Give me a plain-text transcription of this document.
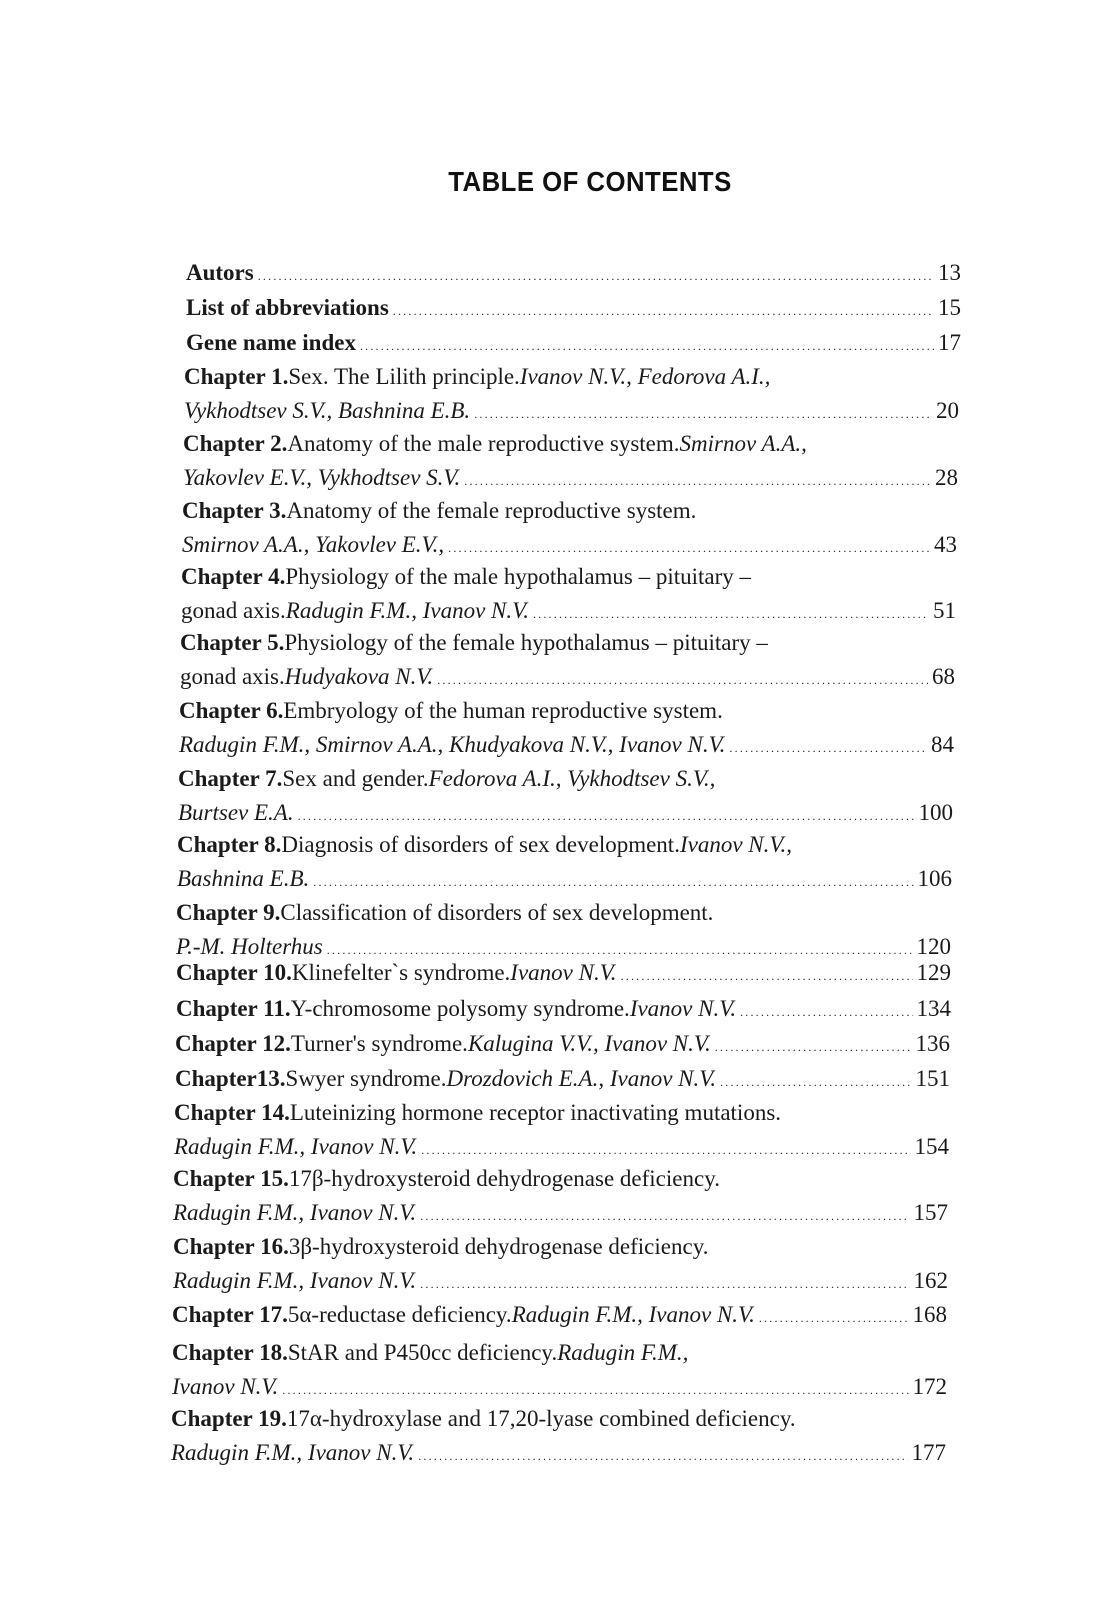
TABLE OF CONTENTS
Autors . . .	13
List of abbreviations . . .	15
Gene name index . . .	17
Chapter 1. Sex. The Lilith principle. Ivanov N.V., Fedorova A.I.,
Vykhodtsev S.V., Bashnina E.B. . . .	20
Chapter 2. Anatomy of the male reproductive system. Smirnov A.A.,
Yakovlev E.V., Vykhodtsev S.V. . . .	28
Chapter 3. Anatomy of the female reproductive system.
Smirnov A.A., Yakovlev E.V., . . .	43
Chapter 4. Physiology of the male hypothalamus – pituitary –
gonad axis. Radugin F.M., Ivanov N.V. . . .	51
Chapter 5. Physiology of the female hypothalamus – pituitary –
gonad axis. Hudyakova N.V. . . .	68
Chapter 6. Embryology of the human reproductive system.
Radugin F.M., Smirnov A.A., Khudyakova N.V., Ivanov N.V. . . .	84
Chapter 7. Sex and gender. Fedorova A.I., Vykhodtsev S.V.,
Burtsev E.A. . . .	100
Chapter 8. Diagnosis of disorders of sex development. Ivanov N.V.,
Bashnina E.B. . . .	106
Chapter 9. Classification of disorders of sex development.
P.-M. Holterhus . . .	120
Chapter 10. Klinefelter`s syndrome. Ivanov N.V. . . .	129
Chapter 11. Y-chromosome polysomy syndrome. Ivanov N.V. . . .	134
Chapter 12. Turner's syndrome. Kalugina V.V., Ivanov N.V. . . .	136
Chapter13. Swyer syndrome. Drozdovich E.A., Ivanov N.V. . . .	151
Chapter 14. Luteinizing hormone receptor inactivating mutations.
Radugin F.M., Ivanov N.V. . . .	154
Chapter 15. 17β-hydroxysteroid dehydrogenase deficiency.
Radugin F.M., Ivanov N.V. . . .	157
Chapter 16. 3β-hydroxysteroid dehydrogenase deficiency.
Radugin F.M., Ivanov N.V. . . .	162
Chapter 17. 5α-reductase deficiency. Radugin F.M., Ivanov N.V. . . .	168
Chapter 18. StAR and P450cc deficiency. Radugin F.M.,
Ivanov N.V. . . .	172
Chapter 19. 17α-hydroxylase and 17,20-lyase combined deficiency.
Radugin F.M., Ivanov N.V. . . .	177
